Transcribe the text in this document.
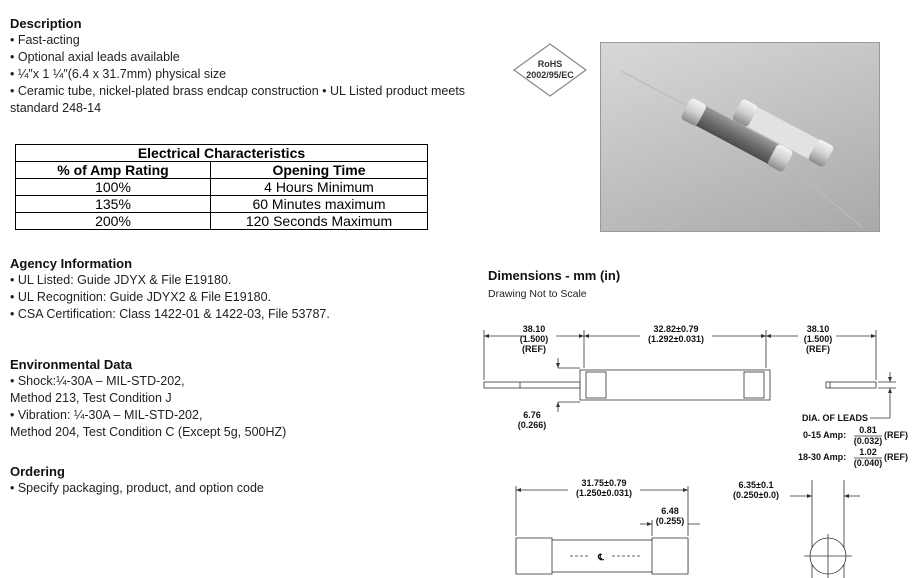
Description
• Fast-acting
• Optional axial leads available
• ¼″x 1 ¼″(6.4 x 31.7mm) physical size
• Ceramic tube, nickel-plated brass endcap construction • UL Listed product meets standard 248-14
Electrical Characteristics	
% of Amp Rating	Opening Time
100%	4 Hours Minimum
135%	60 Minutes maximum
200%	120 Seconds Maximum
Agency Information
• UL Listed: Guide JDYX & File E19180.
• UL Recognition: Guide JDYX2 & File E19180.
• CSA Certification: Class 1422-01 & 1422-03, File 53787.
Environmental Data
• Shock:¼-30A – MIL-STD-202,
Method 213, Test Condition J
• Vibration: ¼-30A – MIL-STD-202,
Method 204, Test Condition C (Except 5g, 500HZ)
Ordering
• Specify packaging, product, and option code
RoHS
2002/95/EC
Dimensions - mm (in)
Drawing Not to Scale
38.10
(1.500)
(REF)
32.82±0.79
(1.292±0.031)
38.10
(1.500)
(REF)
6.76
(0.266)
DIA. OF LEADS
0-15 Amp: 0.81
(0.032)
(REF)
18-30 Amp: 1.02
(0.040)
(REF)
31.75±0.79
(1.250±0.031)
6.48
(0.255)
6.35±0.1
(0.250±0.0)
℄
